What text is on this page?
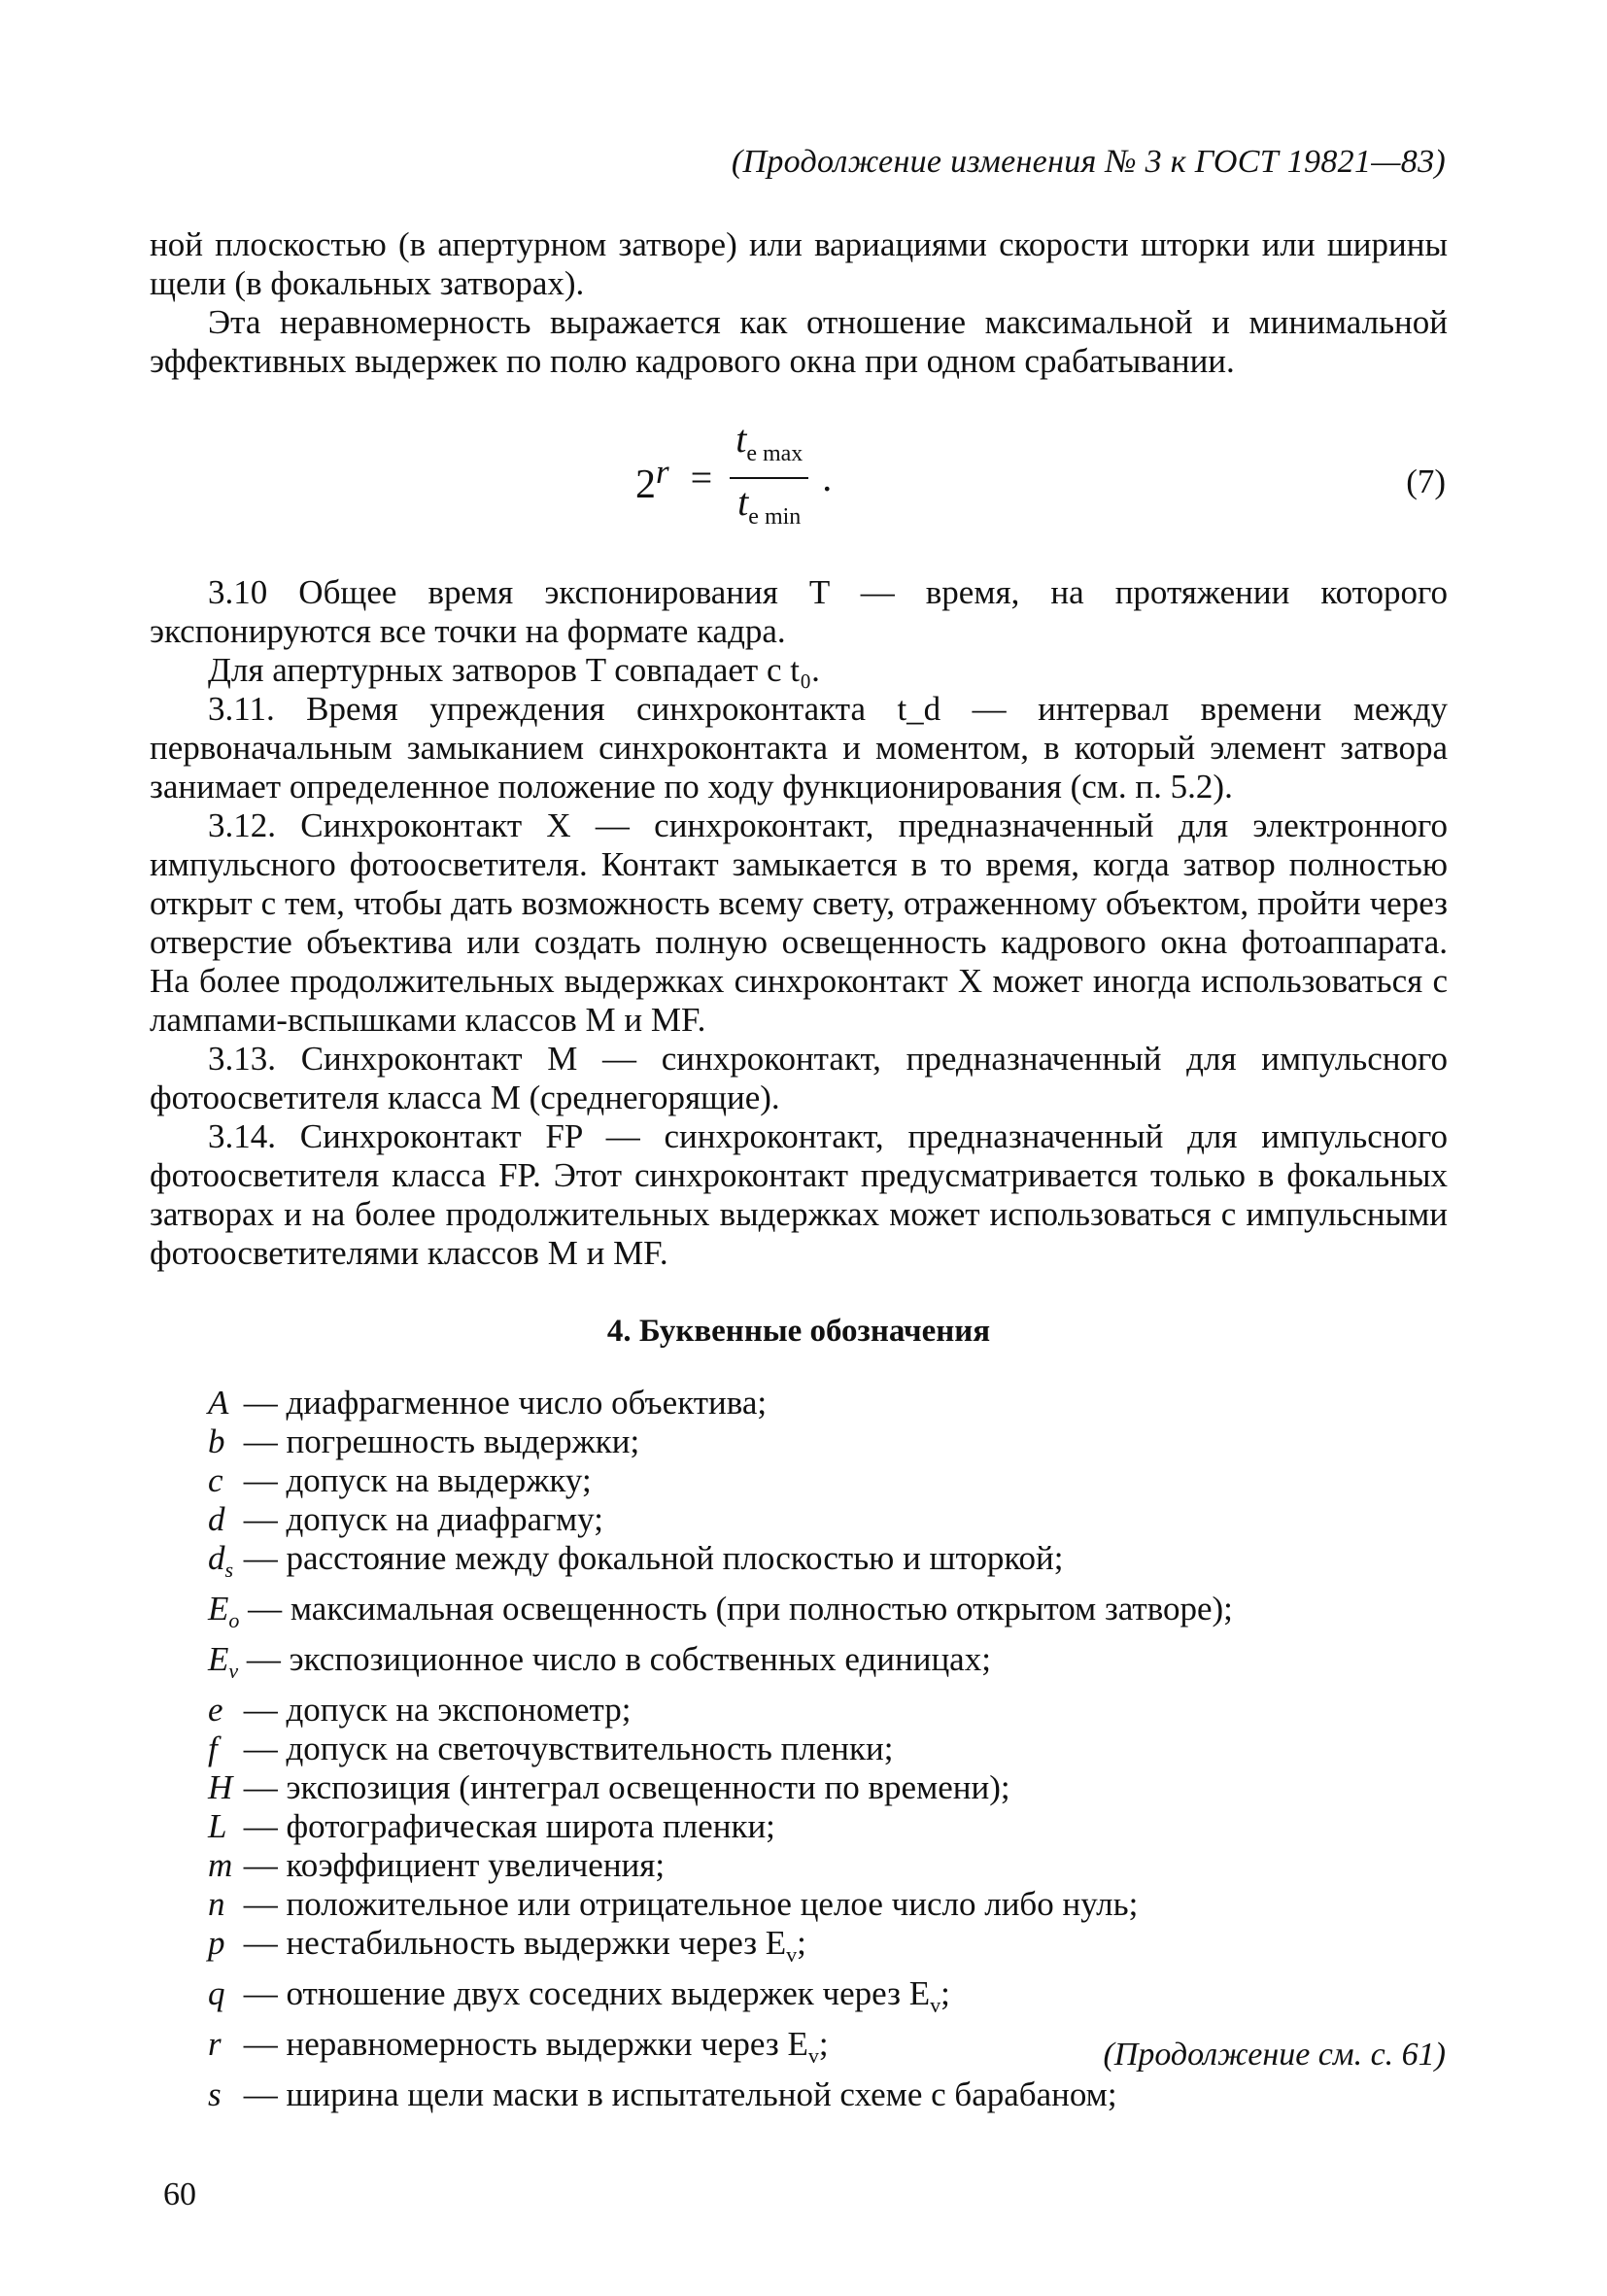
(Продолжение изменения № 3 к ГОСТ 19821—83)

ной плоскостью (в апертурном затворе) или вариациями скорости шторки или ширины щели (в фокальных затворах).

Эта неравномерность выражается как отношение максимальной и минимальной эффективных выдержек по полю кадрового окна при одном срабатывании.

$2^r = \frac{t_{e max}}{t_{e min}}$ .	(7)

3.10 Общее время экспонирования T — время, на протяжении которого экспонируются все точки на формате кадра.

Для апертурных затворов T совпадает с t₀.

3.11. Время упреждения синхроконтакта t_d — интервал времени между первоначальным замыканием синхроконтакта и моментом, в который элемент затвора занимает определенное положение по ходу функционирования (см. п. 5.2).

3.12. Синхроконтакт X — синхроконтакт, предназначенный для электронного импульсного фотоосветителя. Контакт замыкается в то время, когда затвор полностью открыт с тем, чтобы дать возможность всему свету, отраженному объектом, пройти через отверстие объектива или создать полную освещенность кадрового окна фотоаппарата. На более продолжительных выдержках синхроконтакт X может иногда использоваться с лампами-вспышками классов M и MF.

3.13. Синхроконтакт M — синхроконтакт, предназначенный для импульсного фотоосветителя класса M (среднегорящие).

3.14. Синхроконтакт FP — синхроконтакт, предназначенный для импульсного фотоосветителя класса FP. Этот синхроконтакт предусматривается только в фокальных затворах и на более продолжительных выдержках может использоваться с импульсными фотоосветителями классов M и MF.

4. Буквенные обозначения

A — диафрагменное число объектива;

b — погрешность выдержки;

c — допуск на выдержку;

d — допуск на диафрагму;

$d_s$ — расстояние между фокальной плоскостью и шторкой;

$E_o$ — максимальная освещенность (при полностью открытом затворе);

$E_v$ — экспозиционное число в собственных единицах;

e — допуск на экспонометр;

f — допуск на светочувствительность пленки;

H — экспозиция (интеграл освещенности по времени);

L — фотографическая широта пленки;

m — коэффициент увеличения;

n — положительное или отрицательное целое число либо нуль;

p — нестабильность выдержки через $E_v$;

q — отношение двух соседних выдержек через $E_v$;

r — неравномерность выдержки через $E_v$;

s — ширина щели маски в испытательной схеме с барабаном;

(Продолжение см. с. 61)
60
